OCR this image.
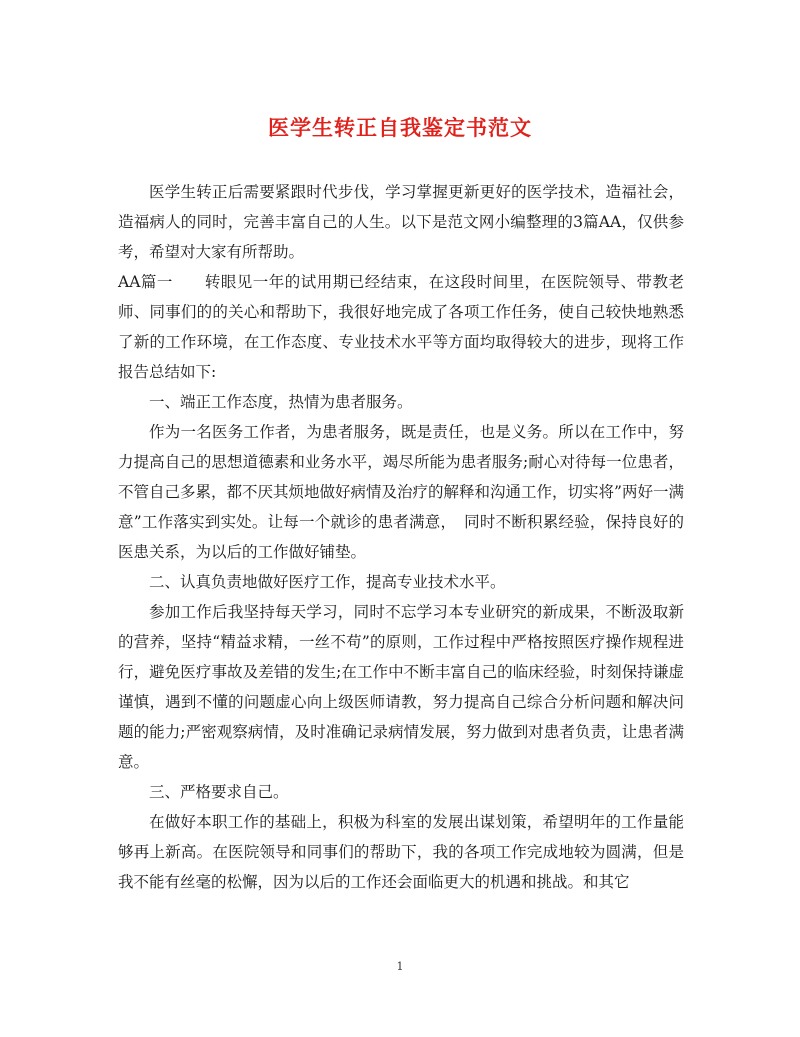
医学生转正自我鉴定书范文

医学生转正后需要紧跟时代步伐，学习掌握更新更好的医学技术，造福社会，造福病人的同时，完善丰富自己的人生。以下是范文网小编整理的3篇AA，仅供参考，希望对大家有所帮助。

AA篇一　　转眼见一年的试用期已经结束，在这段时间里，在医院领导、带教老师、同事们的的关心和帮助下，我很好地完成了各项工作任务，使自己较快地熟悉了新的工作环境，在工作态度、专业技术水平等方面均取得较大的进步，现将工作报告总结如下:

一、端正工作态度，热情为患者服务。

作为一名医务工作者，为患者服务，既是责任，也是义务。所以在工作中，努力提高自己的思想道德素和业务水平，竭尽所能为患者服务;耐心对待每一位患者，不管自己多累，都不厌其烦地做好病情及治疗的解释和沟通工作，切实将”两好一满意”工作落实到实处。让每一个就诊的患者满意，　同时不断积累经验，保持良好的医患关系，为以后的工作做好铺垫。

二、认真负责地做好医疗工作，提高专业技术水平。

参加工作后我坚持每天学习，同时不忘学习本专业研究的新成果，不断汲取新的营养，坚持“精益求精，一丝不苟”的原则，工作过程中严格按照医疗操作规程进行，避免医疗事故及差错的发生;在工作中不断丰富自己的临床经验，时刻保持谦虚谨慎，遇到不懂的问题虚心向上级医师请教，努力提高自己综合分析问题和解决问题的能力;严密观察病情，及时准确记录病情发展，努力做到对患者负责，让患者满意。

三、严格要求自己。

在做好本职工作的基础上，积极为科室的发展出谋划策，希望明年的工作量能够再上新高。在医院领导和同事们的帮助下，我的各项工作完成地较为圆满，但是我不能有丝毫的松懈，因为以后的工作还会面临更大的机遇和挑战。和其它

1
